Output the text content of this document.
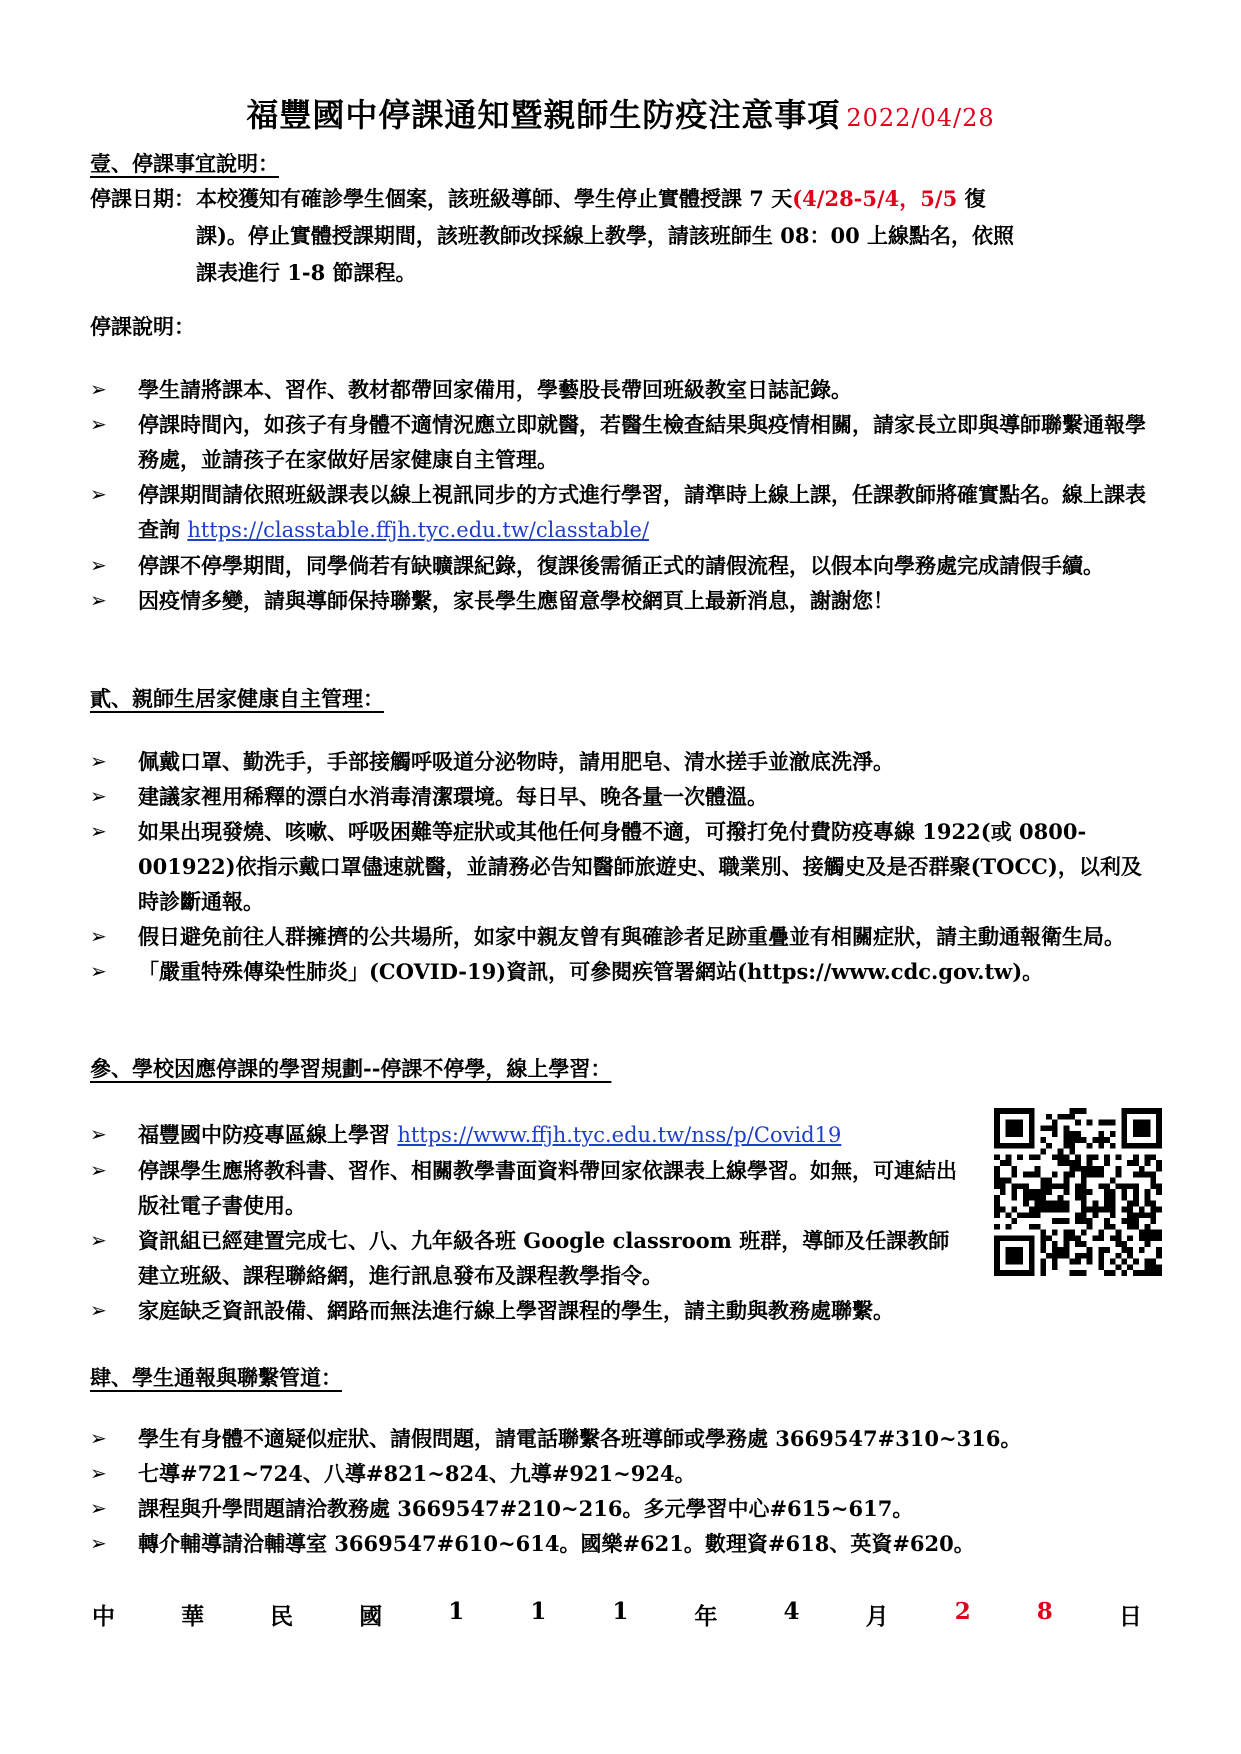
福豐國中停課通知暨親師生防疫注意事項 2022/04/28
壹、停課事宜說明：
停課日期： 本校獲知有確診學生個案，該班級導師、學生停止實體授課 7 天(4/28-5/4，5/5 復
課)。停止實體授課期間，該班教師改採線上教學，請該班師生 08：00 上線點名，依照
課表進行 1-8 節課程。
停課說明：
➢ 學生請將課本、習作、教材都帶回家備用，學藝股長帶回班級教室日誌記錄。
➢ 停課時間內，如孩子有身體不適情況應立即就醫，若醫生檢查結果與疫情相關，請家長立即與導師聯繫通報學務處，並請孩子在家做好居家健康自主管理。
➢ 停課期間請依照班級課表以線上視訊同步的方式進行學習，請準時上線上課，任課教師將確實點名。線上課表查詢 https://classtable.ffjh.tyc.edu.tw/classtable/
➢ 停課不停學期間，同學倘若有缺曠課紀錄，復課後需循正式的請假流程，以假本向學務處完成請假手續。
➢ 因疫情多變，請與導師保持聯繫，家長學生應留意學校網頁上最新消息，謝謝您！
貳、親師生居家健康自主管理：
➢ 佩戴口罩、勤洗手，手部接觸呼吸道分泌物時，請用肥皂、清水搓手並澈底洗淨。
➢ 建議家裡用稀釋的漂白水消毒清潔環境。每日早、晚各量一次體溫。
➢ 如果出現發燒、咳嗽、呼吸困難等症狀或其他任何身體不適，可撥打免付費防疫專線 1922(或 0800-001922)依指示戴口罩儘速就醫，並請務必告知醫師旅遊史、職業別、接觸史及是否群聚(TOCC)，以利及時診斷通報。
➢ 假日避免前往人群擁擠的公共場所，如家中親友曾有與確診者足跡重疊並有相關症狀，請主動通報衛生局。
➢ 「嚴重特殊傳染性肺炎」(COVID-19)資訊，可參閱疾管署網站(https://www.cdc.gov.tw)。
參、學校因應停課的學習規劃--停課不停學，線上學習：
➢ 福豐國中防疫專區線上學習 https://www.ffjh.tyc.edu.tw/nss/p/Covid19
➢ 停課學生應將教科書、習作、相關教學書面資料帶回家依課表上線學習。如無，可連結出版社電子書使用。
➢ 資訊組已經建置完成七、八、九年級各班 Google classroom 班群，導師及任課教師建立班級、課程聯絡網，進行訊息發布及課程教學指令。
➢ 家庭缺乏資訊設備、網路而無法進行線上學習課程的學生，請主動與教務處聯繫。
肆、學生通報與聯繫管道：
➢ 學生有身體不適疑似症狀、請假問題，請電話聯繫各班導師或學務處 3669547#310~316。
➢ 七導#721~724、八導#821~824、九導#921~924。
➢ 課程與升學問題請洽教務處 3669547#210~216。多元學習中心#615~617。
➢ 轉介輔導請洽輔導室 3669547#610~614。國樂#621。數理資#618、英資#620。
中	華	民	國	1	1	1	年	4	月	2	8	日
